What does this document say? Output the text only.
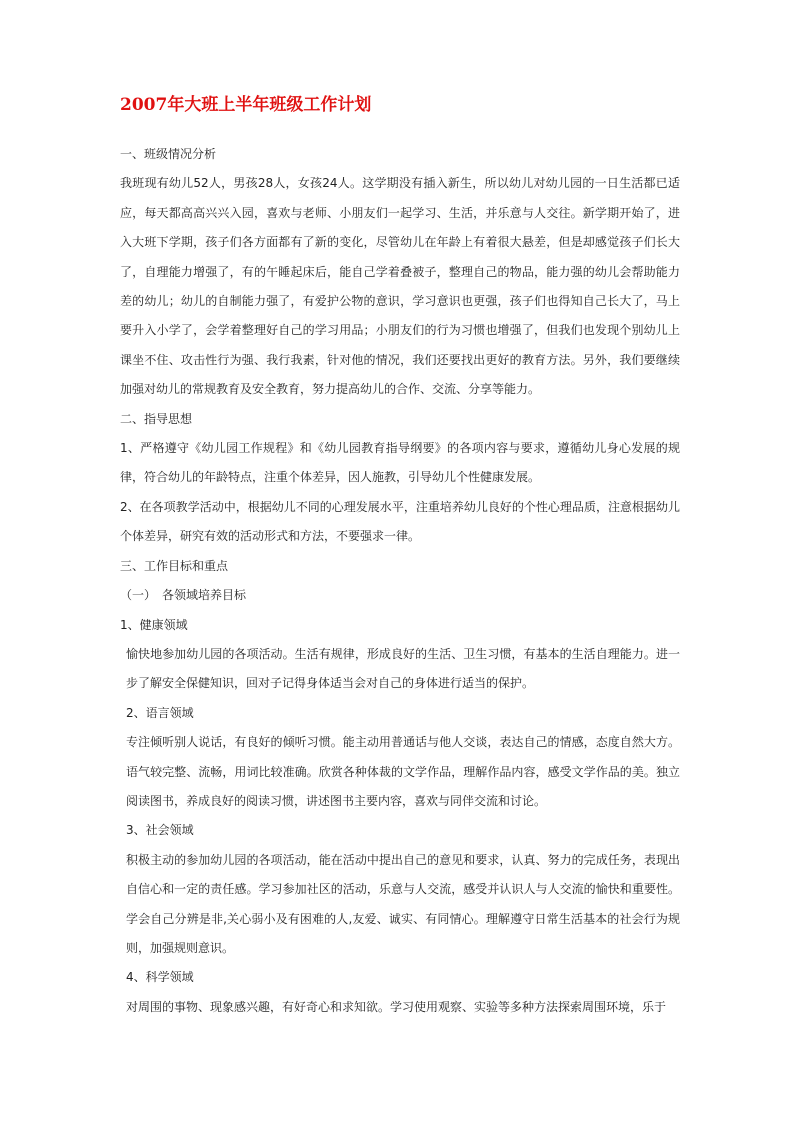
2007年大班上半年班级工作计划

一、班级情况分析

我班现有幼儿52人，男孩28人，女孩24人。这学期没有插入新生，所以幼儿对幼儿园的一日生活都已适应，每天都高高兴兴入园，喜欢与老师、小朋友们一起学习、生活，并乐意与人交往。新学期开始了，进入大班下学期，孩子们各方面都有了新的变化，尽管幼儿在年龄上有着很大悬差，但是却感觉孩子们长大了，自理能力增强了，有的午睡起床后，能自己学着叠被子，整理自己的物品，能力强的幼儿会帮助能力差的幼儿；幼儿的自制能力强了，有爱护公物的意识，学习意识也更强，孩子们也得知自己长大了，马上要升入小学了，会学着整理好自己的学习用品；小朋友们的行为习惯也增强了，但我们也发现个别幼儿上课坐不住、攻击性行为强、我行我素，针对他的情况，我们还要找出更好的教育方法。另外，我们要继续加强对幼儿的常规教育及安全教育，努力提高幼儿的合作、交流、分享等能力。

二、指导思想

1、严格遵守《幼儿园工作规程》和《幼儿园教育指导纲要》的各项内容与要求，遵循幼儿身心发展的规律，符合幼儿的年龄特点，注重个体差异，因人施教，引导幼儿个性健康发展。

2、在各项教学活动中，根据幼儿不同的心理发展水平，注重培养幼儿良好的个性心理品质，注意根据幼儿个体差异，研究有效的活动形式和方法，不要强求一律。

三、工作目标和重点

（一）　各领域培养目标

1、健康领域

愉快地参加幼儿园的各项活动。生活有规律，形成良好的生活、卫生习惯，有基本的生活自理能力。进一步了解安全保健知识，回对子记得身体适当会对自己的身体进行适当的保护。

2、语言领域

专注倾听别人说话，有良好的倾听习惯。能主动用普通话与他人交谈，表达自己的情感，态度自然大方。语气较完整、流畅，用词比较准确。欣赏各种体裁的文学作品，理解作品内容，感受文学作品的美。独立阅读图书，养成良好的阅读习惯，讲述图书主要内容，喜欢与同伴交流和讨论。

3、社会领域

积极主动的参加幼儿园的各项活动，能在活动中提出自己的意见和要求，认真、努力的完成任务，表现出自信心和一定的责任感。学习参加社区的活动，乐意与人交流，感受并认识人与人交流的愉快和重要性。学会自己分辨是非,关心弱小及有困难的人,友爱、诚实、有同情心。理解遵守日常生活基本的社会行为规则，加强规则意识。

4、科学领域

对周围的事物、现象感兴趣，有好奇心和求知欲。学习使用观察、实验等多种方法探索周围环境，乐于
